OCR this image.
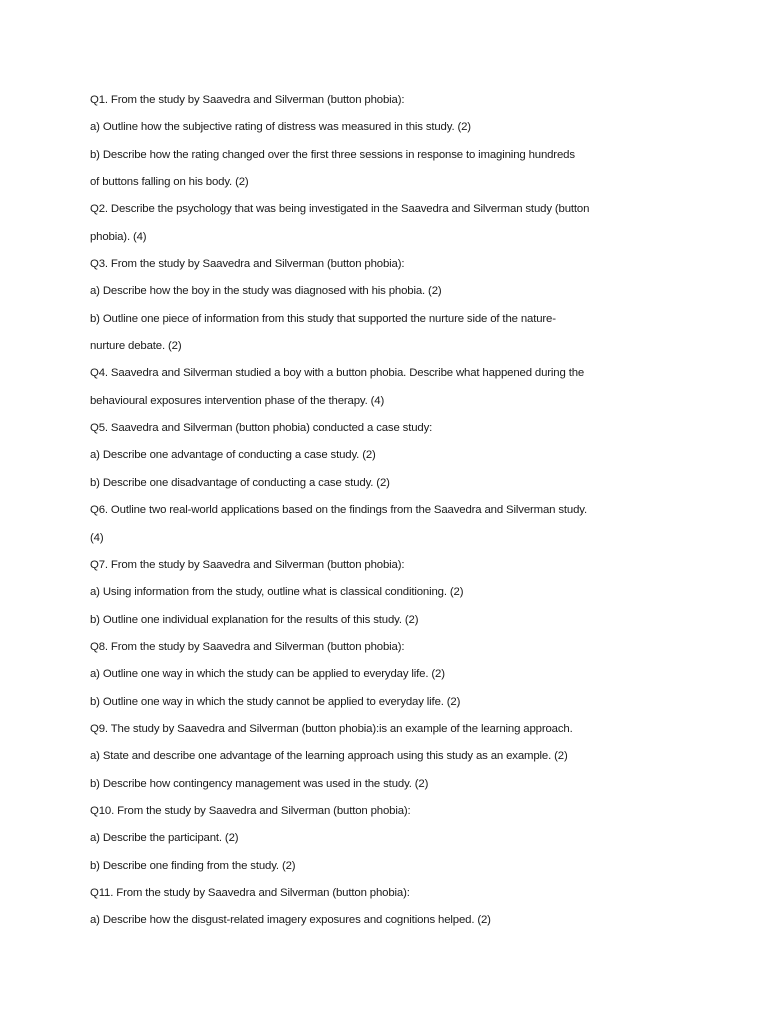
Q1. From the study by Saavedra and Silverman (button phobia):
a) Outline how the subjective rating of distress was measured in this study. (2)
b) Describe how the rating changed over the first three sessions in response to imagining hundreds
of buttons falling on his body. (2)
Q2. Describe the psychology that was being investigated in the Saavedra and Silverman study (button
phobia). (4)
Q3. From the study by Saavedra and Silverman (button phobia):
a) Describe how the boy in the study was diagnosed with his phobia. (2)
b) Outline one piece of information from this study that supported the nurture side of the nature-
nurture debate. (2)
Q4. Saavedra and Silverman studied a boy with a button phobia. Describe what happened during the
behavioural exposures intervention phase of the therapy. (4)
Q5. Saavedra and Silverman (button phobia) conducted a case study:
a) Describe one advantage of conducting a case study. (2)
b) Describe one disadvantage of conducting a case study. (2)
Q6. Outline two real-world applications based on the findings from the Saavedra and Silverman study.
(4)
Q7. From the study by Saavedra and Silverman (button phobia):
a) Using information from the study, outline what is classical conditioning. (2)
b) Outline one individual explanation for the results of this study. (2)
Q8. From the study by Saavedra and Silverman (button phobia):
a) Outline one way in which the study can be applied to everyday life. (2)
b) Outline one way in which the study cannot be applied to everyday life. (2)
Q9. The study by Saavedra and Silverman (button phobia):is an example of the learning approach.
a) State and describe one advantage of the learning approach using this study as an example. (2)
b) Describe how contingency management was used in the study. (2)
Q10. From the study by Saavedra and Silverman (button phobia):
a) Describe the participant. (2)
b) Describe one finding from the study. (2)
Q11. From the study by Saavedra and Silverman (button phobia):
a) Describe how the disgust-related imagery exposures and cognitions helped. (2)
